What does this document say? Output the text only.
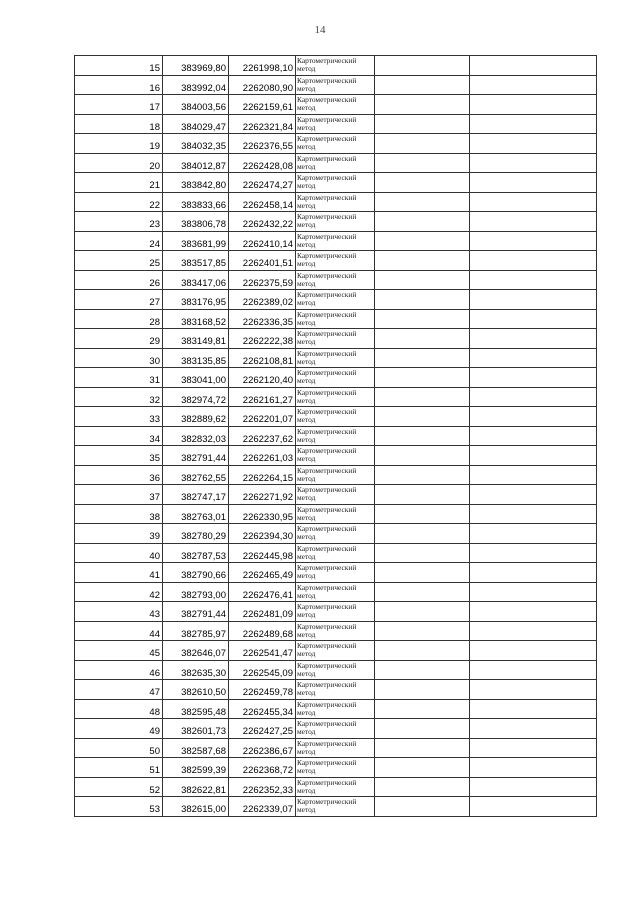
14
15	383969,80	2261998,10	Картометрический
метод		

16	383992,04	2262080,90	Картометрический
метод		

17	384003,56	2262159,61	Картометрический
метод		

18	384029,47	2262321,84	Картометрический
метод		

19	384032,35	2262376,55	Картометрический
метод		

20	384012,87	2262428,08	Картометрический
метод		

21	383842,80	2262474,27	Картометрический
метод		

22	383833,66	2262458,14	Картометрический
метод		

23	383806,78	2262432,22	Картометрический
метод		

24	383681,99	2262410,14	Картометрический
метод		

25	383517,85	2262401,51	Картометрический
метод		

26	383417,06	2262375,59	Картометрический
метод		

27	383176,95	2262389,02	Картометрический
метод		

28	383168,52	2262336,35	Картометрический
метод		

29	383149,81	2262222,38	Картометрический
метод		

30	383135,85	2262108,81	Картометрический
метод		

31	383041,00	2262120,40	Картометрический
метод		

32	382974,72	2262161,27	Картометрический
метод		

33	382889,62	2262201,07	Картометрический
метод		

34	382832,03	2262237,62	Картометрический
метод		

35	382791,44	2262261,03	Картометрический
метод		

36	382762,55	2262264,15	Картометрический
метод		

37	382747,17	2262271,92	Картометрический
метод		

38	382763,01	2262330,95	Картометрический
метод		

39	382780,29	2262394,30	Картометрический
метод		

40	382787,53	2262445,98	Картометрический
метод		

41	382790,66	2262465,49	Картометрический
метод		

42	382793,00	2262476,41	Картометрический
метод		

43	382791,44	2262481,09	Картометрический
метод		

44	382785,97	2262489,68	Картометрический
метод		

45	382646,07	2262541,47	Картометрический
метод		

46	382635,30	2262545,09	Картометрический
метод		

47	382610,50	2262459,78	Картометрический
метод		

48	382595,48	2262455,34	Картометрический
метод		

49	382601,73	2262427,25	Картометрический
метод		

50	382587,68	2262386,67	Картометрический
метод		

51	382599,39	2262368,72	Картометрический
метод		

52	382622,81	2262352,33	Картометрический
метод		

53	382615,00	2262339,07	Картометрический
метод		
